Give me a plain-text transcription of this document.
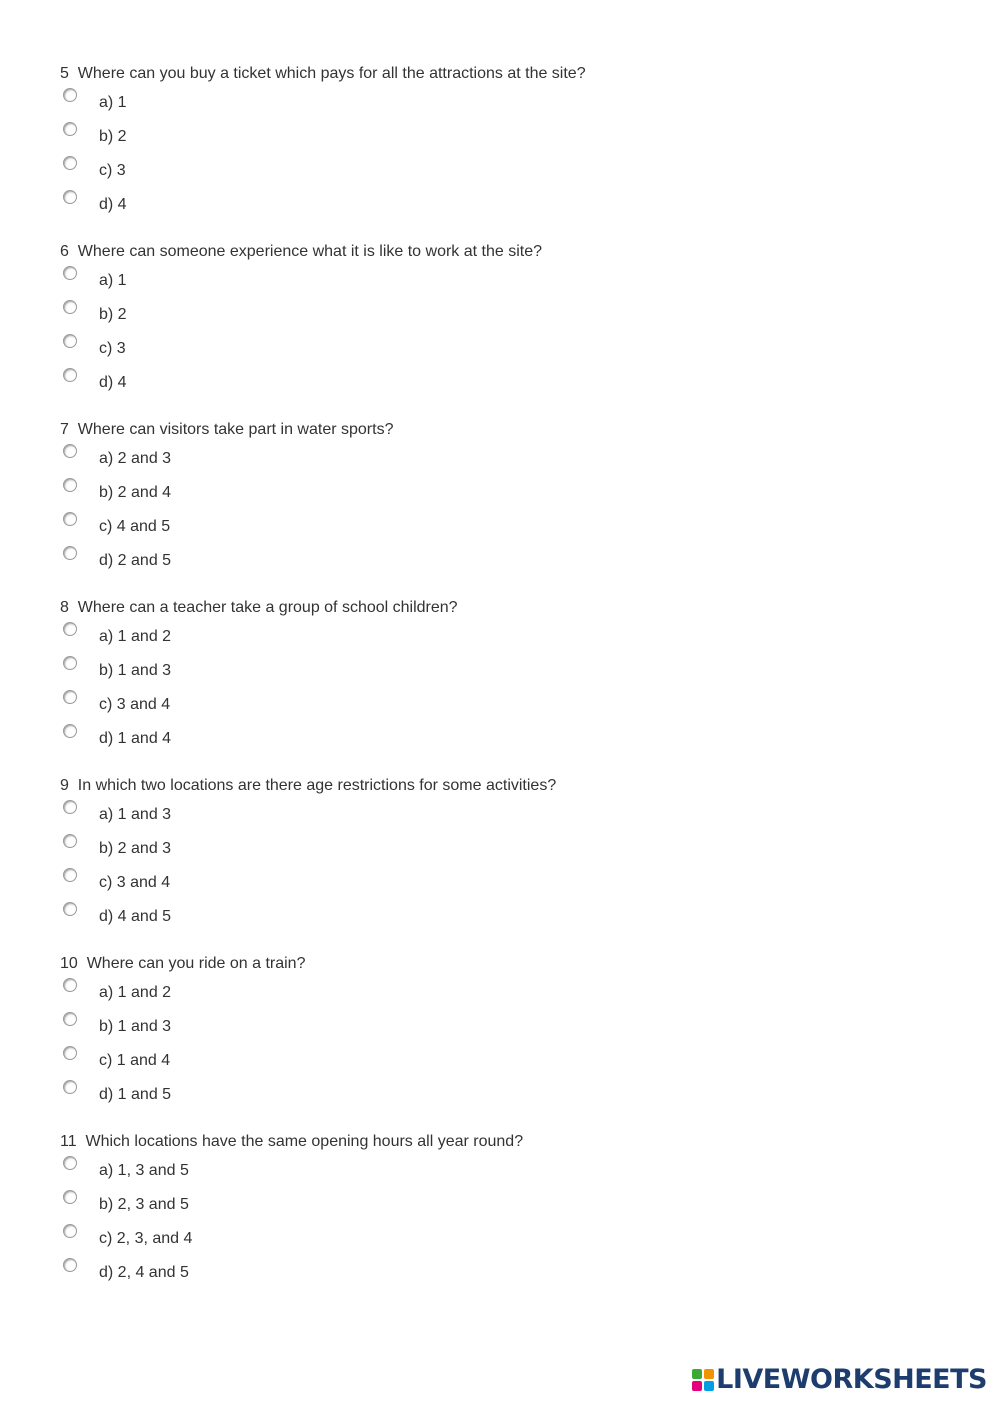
5  Where can you buy a ticket which pays for all the attractions at the site?

a) 1
b) 2
c) 3
d) 4

6  Where can someone experience what it is like to work at the site?

a) 1
b) 2
c) 3
d) 4

7  Where can visitors take part in water sports?

a) 2 and 3
b) 2 and 4
c) 4 and 5
d) 2 and 5

8  Where can a teacher take a group of school children?

a) 1 and 2
b) 1 and 3
c) 3 and 4
d) 1 and 4

9  In which two locations are there age restrictions for some activities?

a) 1 and 3
b) 2 and 3
c) 3 and 4
d) 4 and 5

10  Where can you ride on a train?

a) 1 and 2
b) 1 and 3
c) 1 and 4
d) 1 and 5

11  Which locations have the same opening hours all year round?

a) 1, 3 and 5
b) 2, 3 and 5
c) 2, 3, and 4
d) 2, 4 and 5
LIVEWORKSHEETS
